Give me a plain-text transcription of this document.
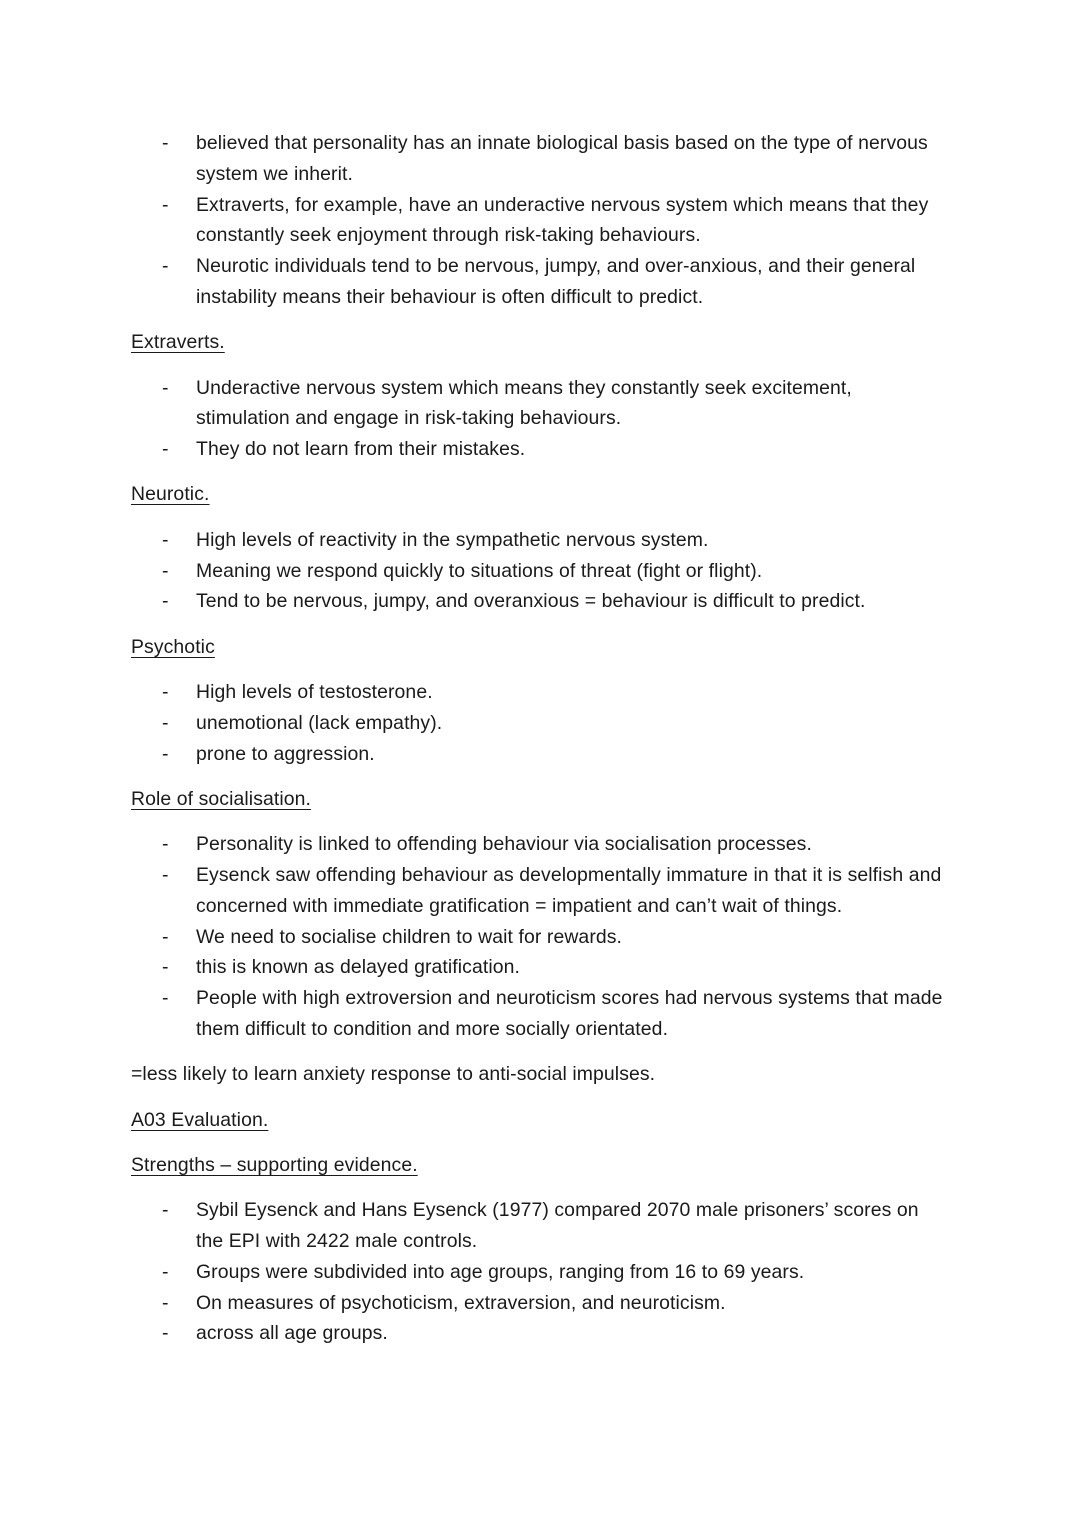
- believed that personality has an innate biological basis based on the type of nervous system we inherit.
- Extraverts, for example, have an underactive nervous system which means that they constantly seek enjoyment through risk-taking behaviours.
- Neurotic individuals tend to be nervous, jumpy, and over-anxious, and their general instability means their behaviour is often difficult to predict.
Extraverts.
- Underactive nervous system which means they constantly seek excitement, stimulation and engage in risk-taking behaviours.
- They do not learn from their mistakes.
Neurotic.
- High levels of reactivity in the sympathetic nervous system.
- Meaning we respond quickly to situations of threat (fight or flight).
- Tend to be nervous, jumpy, and overanxious = behaviour is difficult to predict.
Psychotic
- High levels of testosterone.
- unemotional (lack empathy).
- prone to aggression.
Role of socialisation.
- Personality is linked to offending behaviour via socialisation processes.
- Eysenck saw offending behaviour as developmentally immature in that it is selfish and concerned with immediate gratification = impatient and can’t wait of things.
- We need to socialise children to wait for rewards.
- this is known as delayed gratification.
- People with high extroversion and neuroticism scores had nervous systems that made them difficult to condition and more socially orientated.
=less likely to learn anxiety response to anti-social impulses.
A03 Evaluation.
Strengths – supporting evidence.
- Sybil Eysenck and Hans Eysenck (1977) compared 2070 male prisoners’ scores on the EPI with 2422 male controls.
- Groups were subdivided into age groups, ranging from 16 to 69 years.
- On measures of psychoticism, extraversion, and neuroticism.
- across all age groups.
